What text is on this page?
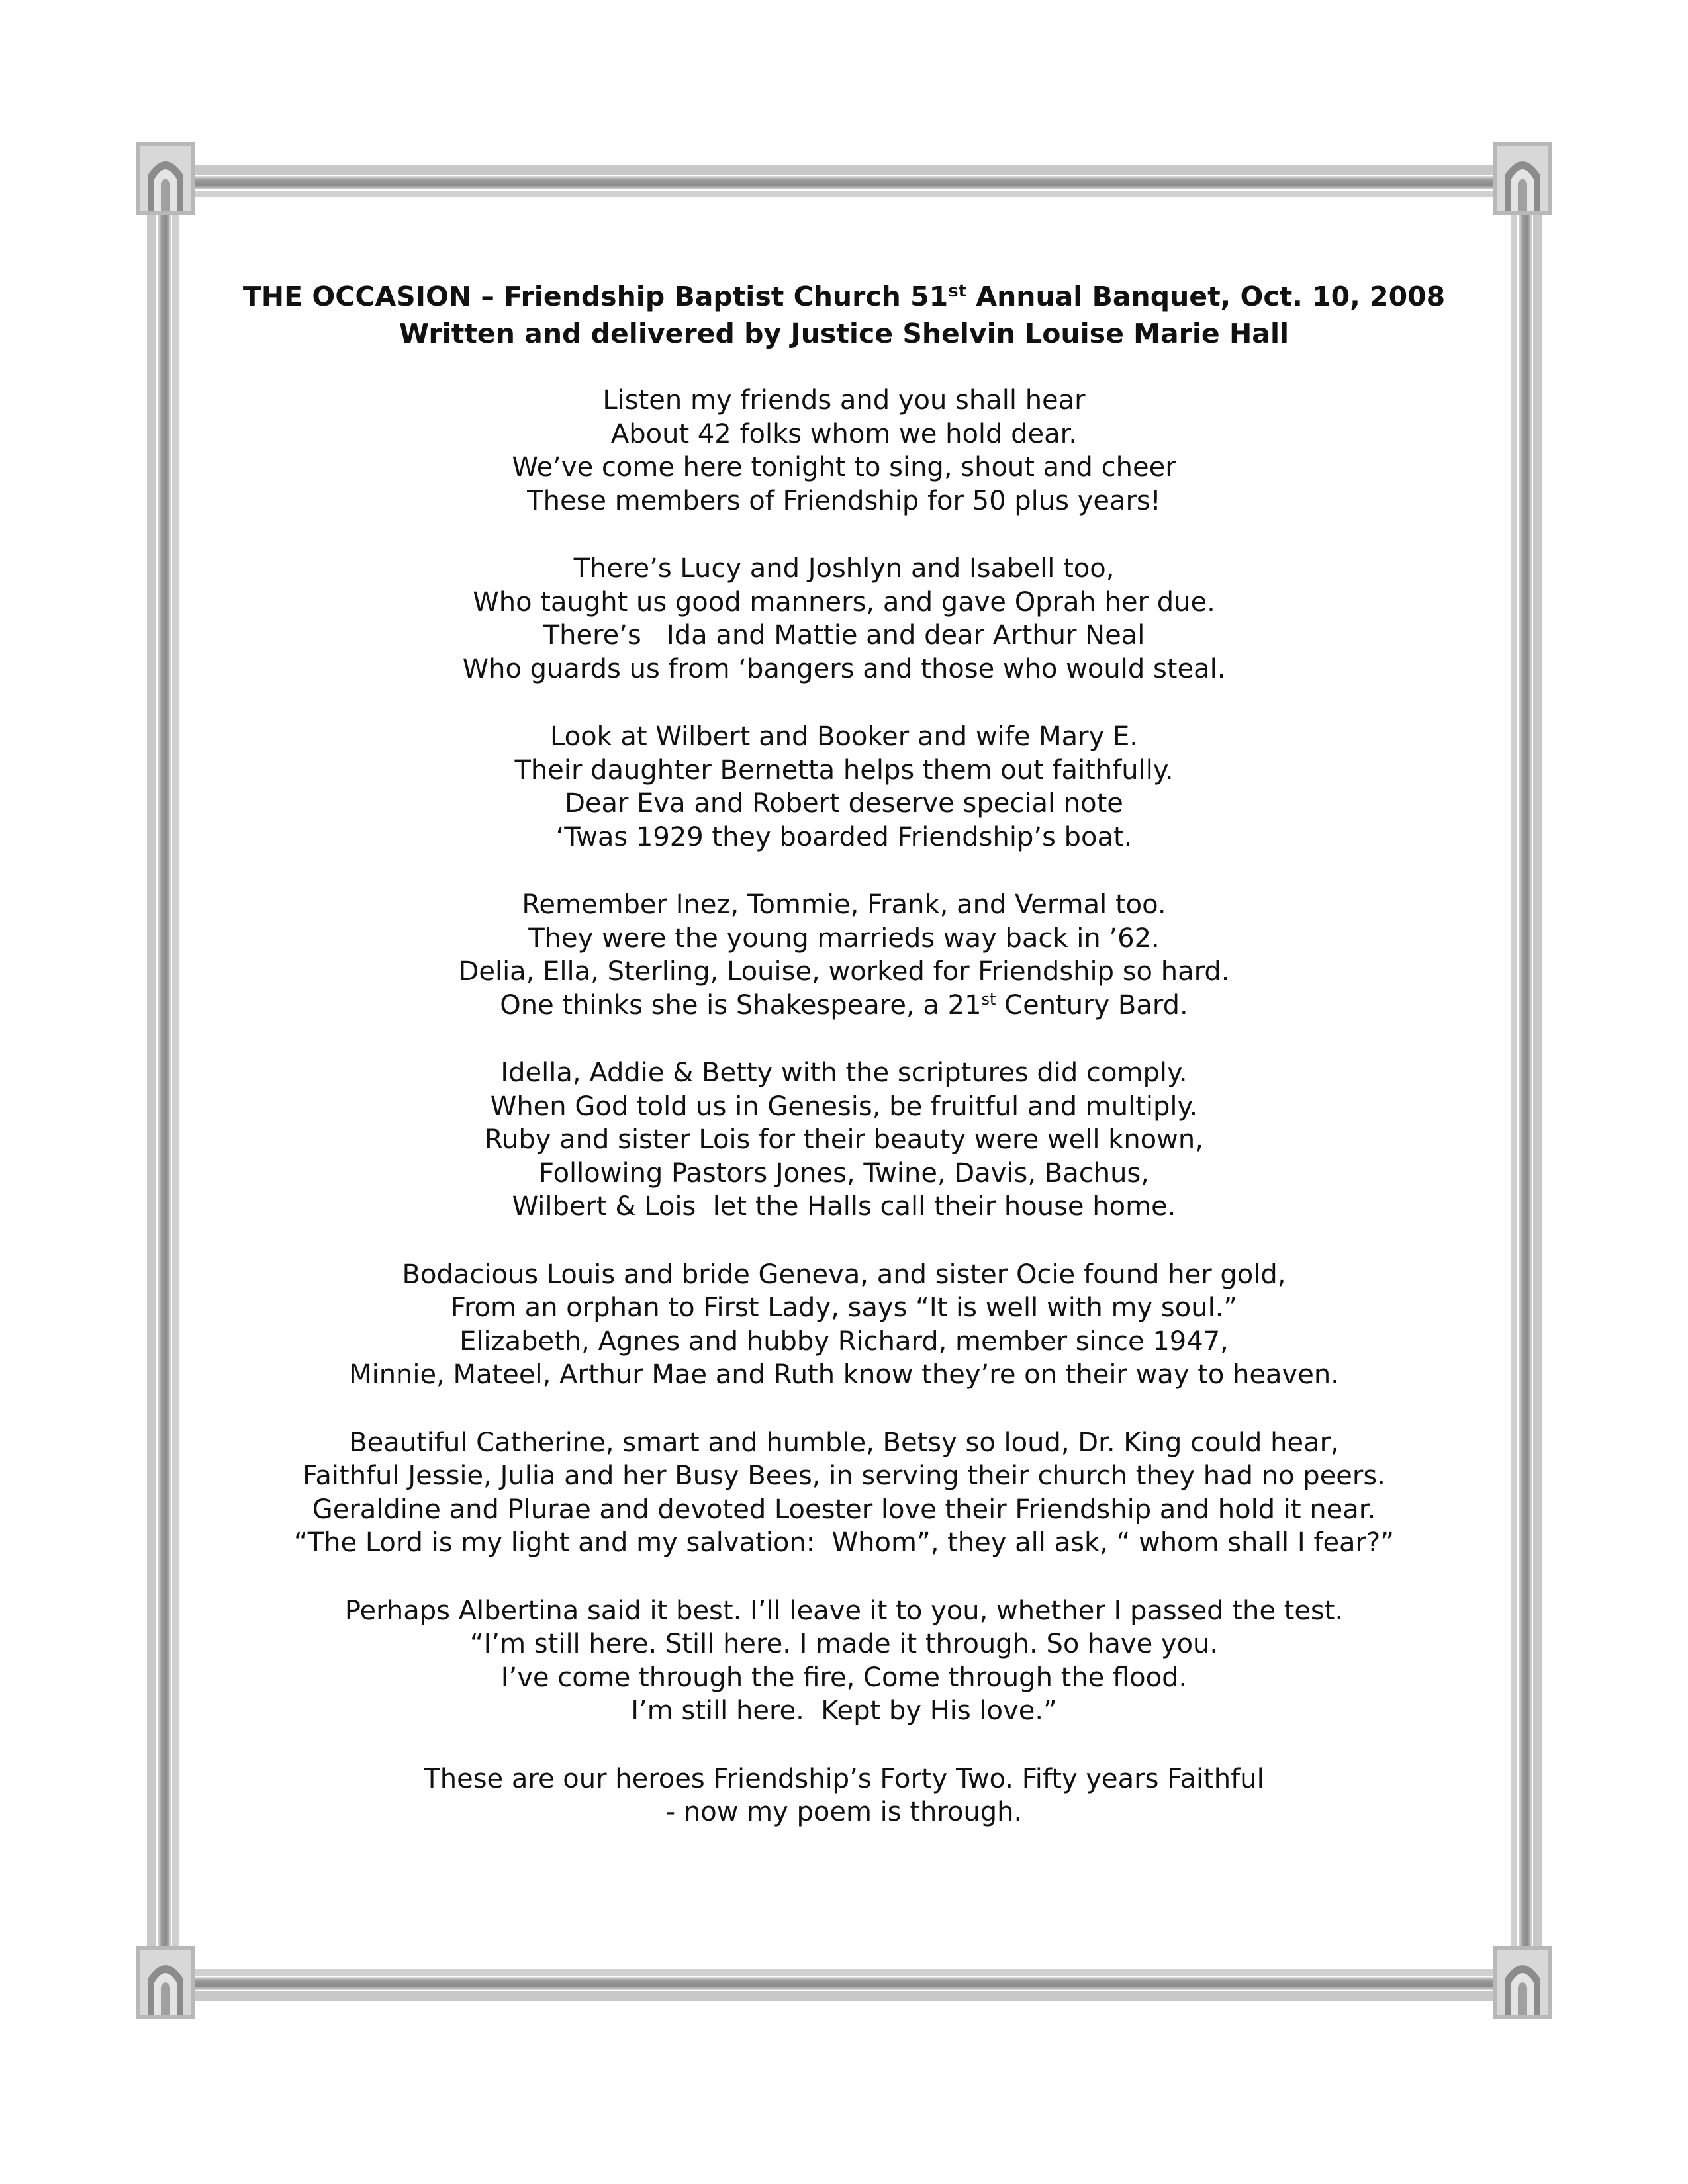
THE OCCASION – Friendship Baptist Church 51st Annual Banquet, Oct. 10, 2008

Written and delivered by Justice Shelvin Louise Marie Hall

Listen my friends and you shall hear

About 42 folks whom we hold dear.

We’ve come here tonight to sing, shout and cheer

These members of Friendship for 50 plus years!

There’s Lucy and Joshlyn and Isabell too,

Who taught us good manners, and gave Oprah her due.

There’s   Ida and Mattie and dear Arthur Neal

Who guards us from ‘bangers and those who would steal.

Look at Wilbert and Booker and wife Mary E.

Their daughter Bernetta helps them out faithfully.

Dear Eva and Robert deserve special note

‘Twas 1929 they boarded Friendship’s boat.

Remember Inez, Tommie, Frank, and Vermal too.

They were the young marrieds way back in ’62.

Delia, Ella, Sterling, Louise, worked for Friendship so hard.

One thinks she is Shakespeare, a 21st Century Bard.

Idella, Addie & Betty with the scriptures did comply.

When God told us in Genesis, be fruitful and multiply.

Ruby and sister Lois for their beauty were well known,

Following Pastors Jones, Twine, Davis, Bachus,

Wilbert & Lois  let the Halls call their house home.

Bodacious Louis and bride Geneva, and sister Ocie found her gold,

From an orphan to First Lady, says “It is well with my soul.”

Elizabeth, Agnes and hubby Richard, member since 1947,

Minnie, Mateel, Arthur Mae and Ruth know they’re on their way to heaven.

Beautiful Catherine, smart and humble, Betsy so loud, Dr. King could hear,

Faithful Jessie, Julia and her Busy Bees, in serving their church they had no peers.

Geraldine and Plurae and devoted Loester love their Friendship and hold it near.

“The Lord is my light and my salvation:  Whom”, they all ask, “ whom shall I fear?”

Perhaps Albertina said it best. I’ll leave it to you, whether I passed the test.

“I’m still here. Still here. I made it through. So have you.

I’ve come through the fire, Come through the flood.

I’m still here.  Kept by His love.”

These are our heroes Friendship’s Forty Two. Fifty years Faithful

- now my poem is through.
